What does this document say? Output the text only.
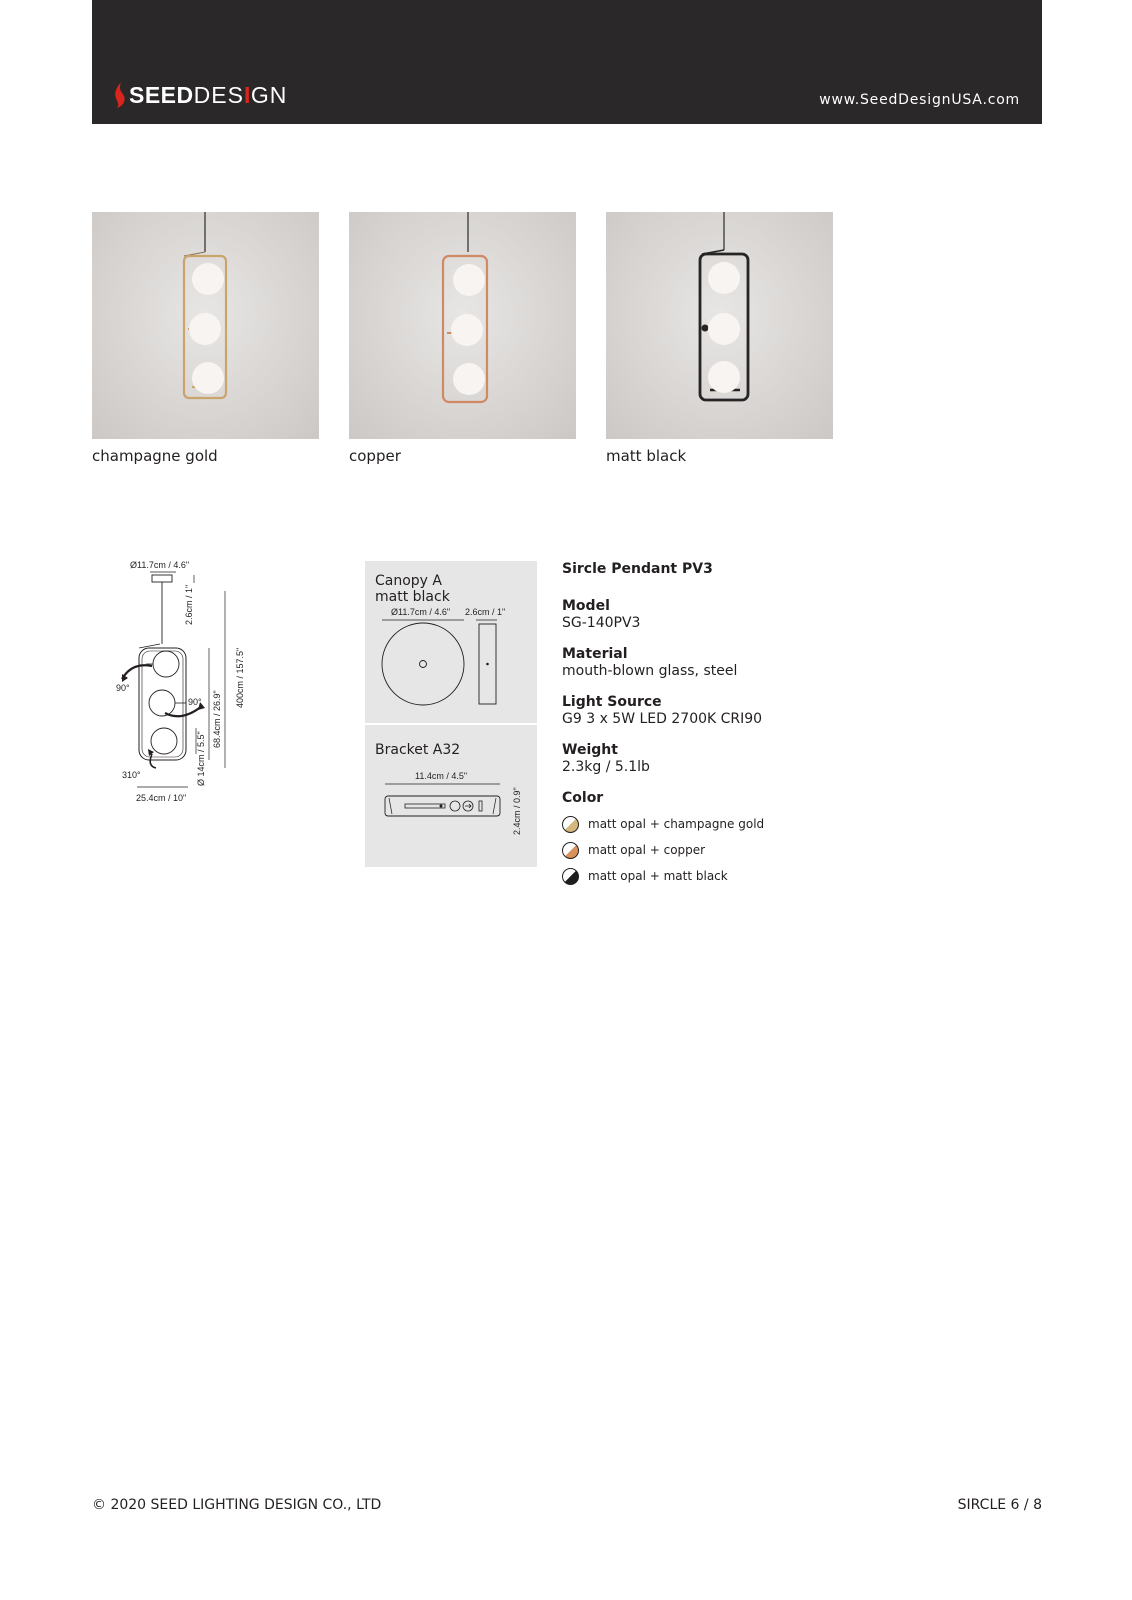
SEED DES I GN	www.SeedDesignUSA.com
champagne gold	copper	matt black
Ø11.7cm / 4.6"
2.6cm / 1"
400cm / 157.5"
90°
90°
310°
68.4cm / 26.9"
Ø 14cm / 5.5"
25.4cm / 10"
Canopy A
matt black
Ø11.7cm / 4.6" 2.6cm / 1"
Bracket A32
11.4cm / 4.5"
2.4cm / 0.9"
Sircle Pendant PV3
Model
SG-140PV3
Material
mouth-blown glass, steel
Light Source
G9 3 x 5W LED 2700K CRI90
Weight
2.3kg / 5.1lb
Color
matt opal + champagne gold
matt opal + copper
matt opal + matt black
© 2020 SEED LIGHTING DESIGN CO., LTD	SIRCLE 6 / 8
